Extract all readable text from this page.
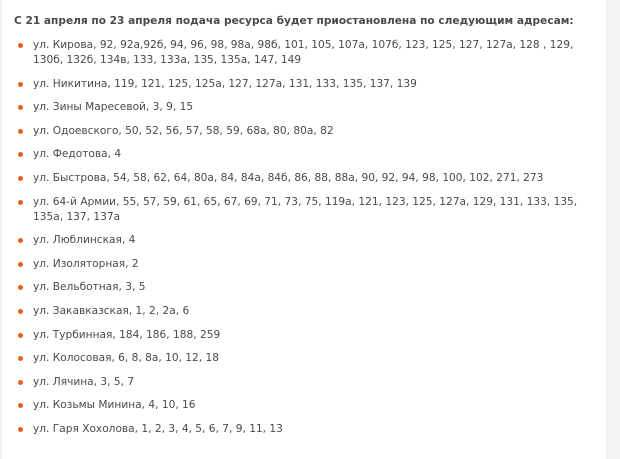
С 21 апреля по 23 апреля подача ресурса будет приостановлена по следующим адресам:

ул. Кирова, 92, 92а,92б, 94, 96, 98, 98а, 98б, 101, 105, 107а, 107б, 123, 125, 127, 127а, 128 , 129, 130б, 132б, 134в, 133, 133а, 135, 135а, 147, 149
ул. Никитина, 119, 121, 125, 125а, 127, 127а, 131, 133, 135, 137, 139
ул. Зины Маресевой, 3, 9, 15
ул. Одоевского, 50, 52, 56, 57, 58, 59, 68а, 80, 80а, 82
ул. Федотова, 4
ул. Быстрова, 54, 58, 62, 64, 80а, 84, 84а, 84б, 86, 88, 88а, 90, 92, 94, 98, 100, 102, 271, 273
ул. 64-й Армии, 55, 57, 59, 61, 65, 67, 69, 71, 73, 75, 119а, 121, 123, 125, 127а, 129, 131, 133, 135, 135а, 137, 137а
ул. Люблинская, 4
ул. Изоляторная, 2
ул. Вельботная, 3, 5
ул. Закавказская, 1, 2, 2а, 6
ул. Турбинная, 184, 186, 188, 259
ул. Колосовая, 6, 8, 8а, 10, 12, 18
ул. Лячина, 3, 5, 7
ул. Козьмы Минина, 4, 10, 16
ул. Гаря Хохолова, 1, 2, 3, 4, 5, 6, 7, 9, 11, 13
